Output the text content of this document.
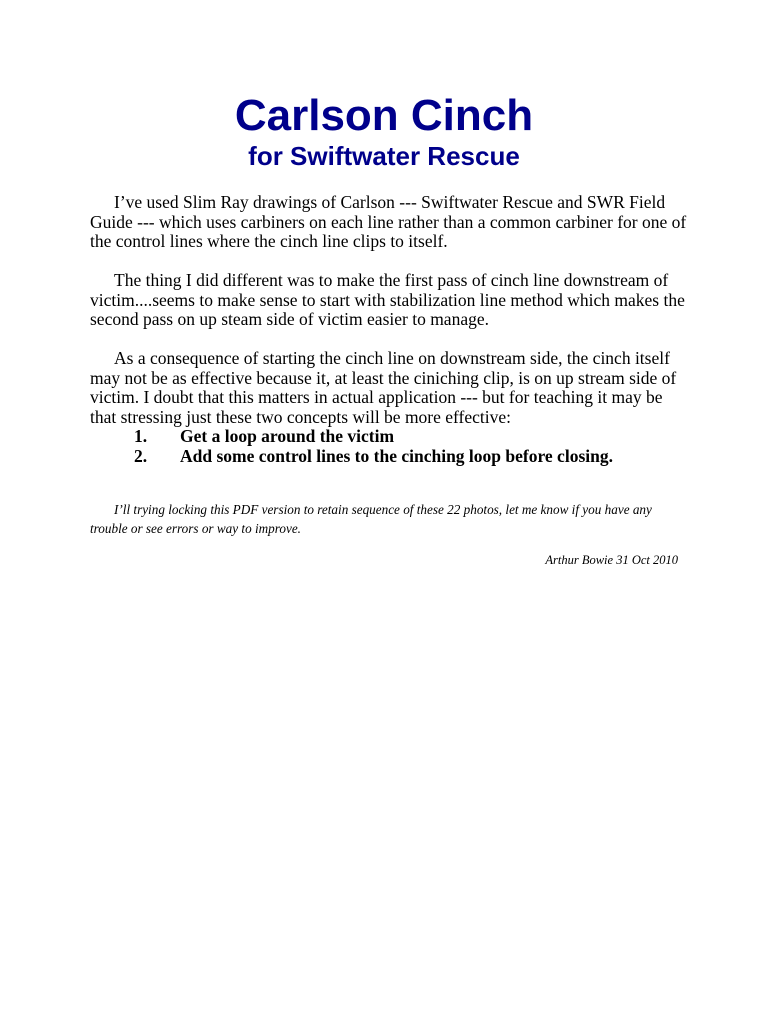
Carlson Cinch
for Swiftwater Rescue

I’ve used Slim Ray drawings of Carlson --- Swiftwater Rescue and SWR Field Guide --- which uses carbiners on each line rather than a common carbiner for one of the control lines where the cinch line clips to itself.

The thing I did different was to make the first pass of cinch line downstream of victim....seems to make sense to start with stabilization line method which makes the second pass on up steam side of victim easier to manage.

As a consequence of starting the cinch line on downstream side, the cinch itself may not be as effective because it, at least the ciniching clip, is on up stream side of victim. I doubt that this matters in actual application --- but for teaching it may be that stressing just these two concepts will be more effective:

1. Get a loop around the victim
2. Add some control lines to the cinching loop before closing.

I’ll trying locking this PDF version to retain sequence of these 22 photos, let me know if you have any trouble or see errors or way to improve.

Arthur Bowie 31 Oct 2010
